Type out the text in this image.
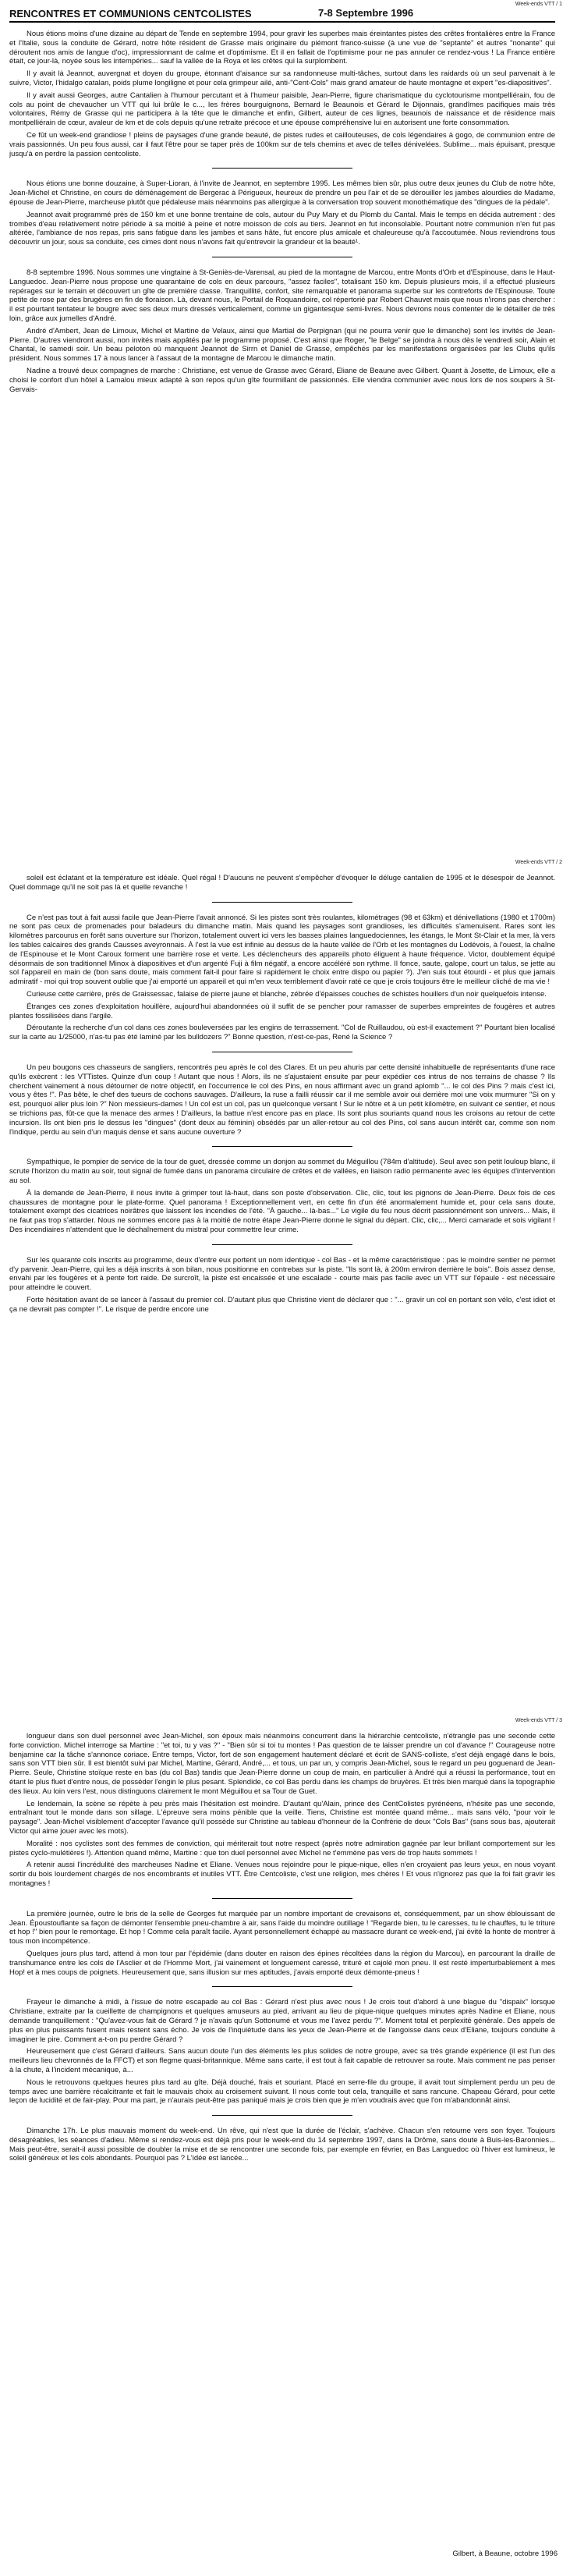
Week-ends VTT / 1
RENCONTRES ET COMMUNIONS CENTCOLISTES	7-8 Septembre 1996

Nous étions moins d'une dizaine au départ de Tende en septembre 1994, pour gravir les superbes mais éreintantes pistes des crêtes frontalières entre la France et l'Italie, sous la conduite de Gérard, notre hôte résident de Grasse mais originaire du piémont franco-suisse (à une vue de "septante" et autres "nonante" qui déroutent nos amis de langue d'oc), impressionnant de calme et d'optimisme. Et il en fallait de l'optimisme pour ne pas annuler ce rendez-vous ! La France entière était, ce jour-là, noyée sous les intempéries... sauf la vallée de la Roya et les crêtes qui la surplombent.

Il y avait là Jeannot, auvergnat et doyen du groupe, étonnant d'aisance sur sa randonneuse multi-tâches, surtout dans les raidards où un seul parvenait à le suivre, Victor, l'hidalgo catalan, poids plume longiligne et pour cela grimpeur ailé, anti-"Cent-Cols" mais grand amateur de haute montagne et expert "es-diapositives".

Il y avait aussi Georges, autre Cantalien à l'humour percutant et à l'humeur paisible, Jean-Pierre, figure charismatique du cyclotourisme montpelliérain, fou de cols au point de chevaucher un VTT qui lui brûle le c..., les frères bourguignons, Bernard le Beaunois et Gérard le Dijonnais, grandîmes pacifiques mais très volontaires, Rémy de Grasse qui ne participera à la tête que le dimanche et enfin, Gilbert, auteur de ces lignes, beaunois de naissance et de résidence mais montpelliérain de cœur, avaleur de km et de cols depuis qu'une retraite précoce et une épouse compréhensive lui en autorisent une forte consommation.

Ce fût un week-end grandiose ! pleins de paysages d'une grande beauté, de pistes rudes et caillouteuses, de cols légendaires à gogo, de communion entre de vrais passionnés. Un peu fous aussi, car il faut l'être pour se taper près de 100km sur de tels chemins et avec de telles dénivelées. Sublime... mais épuisant, presque jusqu'à en perdre la passion centcoliste.

Nous étions une bonne douzaine, à Super-Lioran, à l'invite de Jeannot, en septembre 1995. Les mêmes bien sûr, plus outre deux jeunes du Club de notre hôte, Jean-Michel et Christine, en cours de déménagement de Bergerac à Périgueux, heureux de prendre un peu l'air et de se dérouiller les jambes alourdies de Madame, épouse de Jean-Pierre, marcheuse plutôt que pédaleuse mais néanmoins pas allergique à la conversation trop souvent monothématique des "dingues de la pédale".

Jeannot avait programmé près de 150 km et une bonne trentaine de cols, autour du Puy Mary et du Plomb du Cantal. Mais le temps en décida autrement : des trombes d'eau relativement notre période à sa moitié à peine et notre moisson de cols au tiers. Jeannot en fut inconsolable. Pourtant notre communion n'en fut pas altérée, l'ambiance de nos repas, pris sans fatigue dans les jambes et sans hâte, fut encore plus amicale et chaleureuse qu'à l'accoutumée. Nous reviendrons tous découvrir un jour, sous sa conduite, ces cimes dont nous n'avons fait qu'entrevoir la grandeur et la beauté¹.

8-8 septembre 1996. Nous sommes une vingtaine à St-Geniès-de-Varensal, au pied de la montagne de Marcou, entre Monts d'Orb et d'Espinouse, dans le Haut-Languedoc. Jean-Pierre nous propose une quarantaine de cols en deux parcours, "assez faciles", totalisant 150 km. Depuis plusieurs mois, il a effectué plusieurs repérages sur le terrain et découvert un gîte de première classe. Tranquillité, confort, site remarquable et panorama superbe sur les contreforts de l'Espinouse. Toute petite de rose par des brugères en fin de floraison. Là, devant nous, le Portail de Roquandoire, col répertorié par Robert Chauvet mais que nous n'irons pas chercher : il est pourtant tentateur le bougre avec ses deux murs dressés verticalement, comme un gigantesque semi-livres. Nous devrons nous contenter de le détailler de très loin, grâce aux jumelles d'André.

André d'Ambert, Jean de Limoux, Michel et Martine de Velaux, ainsi que Martial de Perpignan (qui ne pourra venir que le dimanche) sont les invités de Jean-Pierre. D'autres viendront aussi, non invités mais appâtés par le programme proposé. C'est ainsi que Roger, "le Belge" se joindra à nous dès le vendredi soir, Alain et Chantal, le samedi soir. Un beau peloton où manquent Jeannot de Sirrn et Daniel de Grasse, empêchés par les manifestations organisées par les Clubs qu'ils président. Nous sommes 17 à nous lancer à l'assaut de la montagne de Marcou le dimanche matin.

Nadine a trouvé deux compagnes de marche : Christiane, est venue de Grasse avec Gérard, Eliane de Beaune avec Gilbert. Quant à Josette, de Limoux, elle a choisi le confort d'un hôtel à Lamalou mieux adapté à son repos qu'un gîte fourmillant de passionnés. Elle viendra communier avec nous lors de nos soupers à St-Gervais-

Week-ends VTT / 2

soleil est éclatant et la température est idéale. Quel régal ! D'aucuns ne peuvent s'empêcher d'évoquer le déluge cantalien de 1995 et le désespoir de Jeannot. Quel dommage qu'il ne soit pas là et quelle revanche !

Ce n'est pas tout à fait aussi facile que Jean-Pierre l'avait annoncé. Si les pistes sont très roulantes, kilométrages (98 et 63km) et dénivellations (1980 et 1700m) ne sont pas ceux de promenades pour baladeurs du dimanche matin. Mais quand les paysages sont grandioses, les difficultés s'amenuisent. Rares sont les kilomètres parcourus en forêt sans ouverture sur l'horizon, totalement ouvert ici vers les basses plaines languedociennes, les étangs, le Mont St-Clair et la mer, là vers les tables calcaires des grands Causses aveyronnais. À l'est la vue est infinie au dessus de la haute vallée de l'Orb et les montagnes du Lodévois, à l'ouest, la chaîne de l'Espinouse et le Mont Caroux forment une barrière rose et verte. Les déclencheurs des appareils photo éliguent à haute fréquence. Victor, doublement équipé désormais de son traditionnel Minox à diapositives et d'un argenté Fuji à film négatif, a encore accéléré son rythme. Il fonce, saute, galope, court un talus, se jette au sol l'appareil en main de (bon sans doute, mais comment fait-il pour faire si rapidement le choix entre dispo ou papier ?). J'en suis tout étourdi - et plus que jamais admiratif - moi qui trop souvent oublie que j'ai emporté un appareil et qui m'en veux terriblement d'avoir raté ce que je crois toujours être le meilleur cliché de ma vie !

Curieuse cette carrière, près de Graissessac, falaise de pierre jaune et blanche, zébrée d'épaisses couches de schistes houillers d'un noir quelquefois intense.

Étranges ces zones d'exploitation houillère, aujourd'hui abandonnées où il suffit de se pencher pour ramasser de superbes empreintes de fougères et autres plantes fossilisées dans l'argile.

Déroutante la recherche d'un col dans ces zones bouleversées par les engins de terrassement. "Col de Ruillaudou, où est-il exactement ?" Pourtant bien localisé sur la carte au 1/25000, n'as-tu pas été laminé par les bulldozers ?" Bonne question, n'est-ce-pas, René la Science ?

Un peu bougons ces chasseurs de sangliers, rencontrés peu après le col des Clares. Et un peu ahuris par cette densité inhabituelle de représentants d'une race qu'ils exècrent : les VTTistes. Quinze d'un coup ! Autant que nous ! Alors, ils ne s'ajustaient ensuite par peur expédier ces intrus de nos terrains de chasse ? Ils cherchent vainement à nous détourner de notre objectif, en l'occurrence le col des Pins, en nous affirmant avec un grand aplomb "... le col des Pins ? mais c'est ici, vous y êtes !". Pas bête, le chef des tueurs de cochons sauvages. D'ailleurs, la ruse a failli réussir car il me semble avoir oui derrière moi une voix murmurer "Si on y est, pourquoi aller plus loin ?" Non messieurs-dames ! Un col est un col, pas un quelconque versant ! Sur le nôtre et à un petit kilomètre, en suivant ce sentier, et nous se trichions pas, fût-ce que la menace des armes ! D'ailleurs, la battue n'est encore pas en place. Ils sont plus souriants quand nous les croisons au retour de cette incursion. Ils ont bien pris le dessus les "dingues" (dont deux au féminin) obsédés par un aller-retour au col des Pins, col sans aucun intérêt car, comme son nom l'indique, perdu au sein d'un maquis dense et sans aucune ouverture ?

Sympathique, le pompier de service de la tour de guet, dressée comme un donjon au sommet du Méguillou (784m d'altitude). Seul avec son petit louloup blanc, il scrute l'horizon du matin au soir, tout signal de fumée dans un panorama circulaire de crêtes et de vallées, en liaison radio permanente avec les équipes d'intervention au sol.

À la demande de Jean-Pierre, il nous invite à grimper tout là-haut, dans son poste d'observation. Clic, clic, tout les pignons de Jean-Pierre. Deux fois de ces chaussures de montagne pour le plate-forme. Quel panorama ! Exceptionnellement vert, en cette fin d'un été anormalement humide et, pour cela sans doute, totalement exempt des cicatrices noirâtres que laissent les incendies de l'été. "À gauche... là-bas..." Le vigile du feu nous décrit passionnément son univers... Mais, il ne faut pas trop s'attarder. Nous ne sommes encore pas à la moitié de notre étape Jean-Pierre donne le signal du départ. Clic, clic,... Merci camarade et sois vigilant ! Des incendiaires n'attendent que le déchaînement du mistral pour commettre leur crime.

Sur les quarante cols inscrits au programme, deux d'entre eux portent un nom identique - col Bas - et la même caractéristique : pas le moindre sentier ne permet d'y parvenir. Jean-Pierre, qui les a déjà inscrits à son bilan, nous positionne en contrebas sur la piste. "Ils sont là, à 200m environ derrière le bois". Bois assez dense, envahi par les fougères et à pente fort raide. De surcroît, la piste est encaissée et une escalade - courte mais pas facile avec un VTT sur l'épaule - est nécessaire pour atteindre le couvert.

Forte hésitation avant de se lancer à l'assaut du premier col. D'autant plus que Christine vient de déclarer que : "... gravir un col en portant son vélo, c'est idiot et ça ne devrait pas compter !". Le risque de perdre encore une

Week-ends VTT / 3

longueur dans son duel personnel avec Jean-Michel, son époux mais néanmoins concurrent dans la hiérarchie centcoliste, n'étrangle pas une seconde cette forte conviction. Michel interroge sa Martine : "et toi, tu y vas ?" - "Bien sûr si toi tu montes ! Pas question de te laisser prendre un col d'avance !" Courageuse notre benjamine car la tâche s'annonce coriace. Entre temps, Victor, fort de son engagement hautement déclaré et écrit de SANS-colliste, s'est déjà engagé dans le bois, sans son VTT bien sûr. Il est bientôt suivi par Michel, Martine, Gérard, André,... et tous, un par un, y compris Jean-Michel, sous le regard un peu goguenard de Jean-Pierre. Seule, Christine stoïque reste en bas (du col Bas) tandis que Jean-Pierre donne un coup de main, en particulier à André qui a réussi la performance, tout en étant le plus fluet d'entre nous, de posséder l'engin le plus pesant. Splendide, ce col Bas perdu dans les champs de bruyères. Et très bien marqué dans la topographie des lieux. Au loin vers l'est, nous distinguons clairement le mont Méguillou et sa Tour de Guet.

Le lendemain, la scène se répète à peu près mais l'hésitation est moindre. D'autant qu'Alain, prince des CentColistes pyrénéens, n'hésite pas une seconde, entraînant tout le monde dans son sillage. L'épreuve sera moins pénible que la veille. Tiens, Christine est montée quand même... mais sans vélo, "pour voir le paysage". Jean-Michel visiblement d'accepter l'avance qu'il possède sur Christine au tableau d'honneur de la Confrérie de deux "Cols Bas" (sans sous bas, ajouterait Victor qui aime jouer avec les mots).

Moralité : nos cyclistes sont des femmes de conviction, qui mériterait tout notre respect (après notre admiration gagnée par leur brillant comportement sur les pistes cyclo-mulétières !). Attention quand même, Martine : que ton duel personnel avec Michel ne t'emmène pas vers de trop hauts sommets !

A retenir aussi l'incrédulité des marcheuses Nadine et Eliane. Venues nous rejoindre pour le pique-nique, elles n'en croyaient pas leurs yeux, en nous voyant sortir du bois lourdement chargés de nos encombrants et inutiles VTT. Être Centcoliste, c'est une religion, mes chères ! Et vous n'ignorez pas que la foi fait gravir les montagnes !

La première journée, outre le bris de la selle de Georges fut marquée par un nombre important de crevaisons et, conséquemment, par un show éblouissant de Jean. Époustouflante sa façon de démonter l'ensemble pneu-chambre à air, sans l'aide du moindre outillage ! "Regarde bien, tu le caresses, tu le chauffes, tu le triture et hop !" bien pour le remontage. Et hop ! Comme cela paraît facile. Ayant personnellement échappé au massacre durant ce week-end, j'ai évité la honte de montrer à tous mon incompétence.

Quelques jours plus tard, attend à mon tour par l'épidémie (dans douter en raison des épines récoltées dans la région du Marcou), en parcourant la draille de transhumance entre les cols de l'Asclier et de l'Homme Mort, j'ai vainement et longuement caressé, trituré et cajolé mon pneu. Il est resté imperturbablement à mes Hop! et à mes coups de poignets. Heureusement que, sans illusion sur mes aptitudes, j'avais emporté deux démonte-pneus !

Frayeur le dimanche à midi, à l'issue de notre escapade au col Bas : Gérard n'est plus avec nous ! Je crois tout d'abord à une blague du "dispaix" lorsque Christiane, extraite par la cueillette de champignons et quelques amuseurs au pied, arrivant au lieu de pique-nique quelques minutes après Nadine et Eliane, nous demande tranquillement : "Qu'avez-vous fait de Gérard ? je n'avais qu'un Sottonumé et vous me l'avez perdu ?". Moment total et perplexité générale. Des appels de plus en plus puissants fusent mais restent sans écho. Je vois de l'inquiétude dans les yeux de Jean-Pierre et de l'angoisse dans ceux d'Eliane, toujours conduite à imaginer le pire. Comment a-t-on pu perdre Gérard ?

Heureusement que c'est Gérard d'ailleurs. Sans aucun doute l'un des éléments les plus solides de notre groupe, avec sa très grande expérience (il est l'un des meilleurs lieu chevronnés de la FFCT) et son flegme quasi-britannique. Même sans carte, il est tout à fait capable de retrouver sa route. Mais comment ne pas penser à la chute, à l'incident mécanique, à...

Nous le retrouvons quelques heures plus tard au gîte. Déjà douché, frais et souriant. Placé en serre-file du groupe, il avait tout simplement perdu un peu de temps avec une barrière récalcitrante et fait le mauvais choix au croisement suivant. Il nous conte tout cela, tranquille et sans rancune. Chapeau Gérard, pour cette leçon de lucidité et de fair-play. Pour ma part, je n'aurais peut-être pas paniqué mais je crois bien que je m'en voudrais avec que l'on m'abandonnât ainsi.

Dimanche 17h. Le plus mauvais moment du week-end. Un rêve, qui n'est que la durée de l'éclair, s'achève. Chacun s'en retourne vers son foyer. Toujours désagréables, les séances d'adieu. Même si rendez-vous est déjà pris pour le week-end du 14 septembre 1997, dans la Drôme, sans doute à Buis-les-Baronnies... Mais peut-être, serait-il aussi possible de doubler la mise et de se rencontrer une seconde fois, par exemple en février, en Bas Languedoc où l'hiver est lumineux, le soleil généreux et les cols abondants. Pourquoi pas ? L'idée est lancée...

Gilbert, à Beaune, octobre 1996
